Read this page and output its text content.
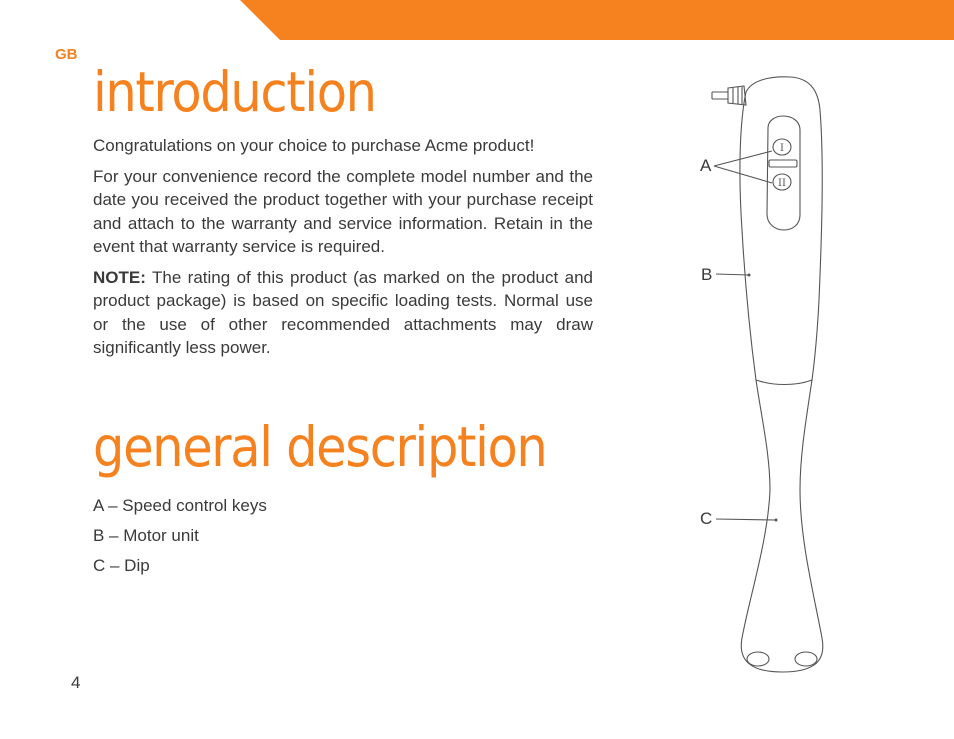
GB
introduction

Congratulations on your choice to purchase Acme product!

For your convenience record the complete model number and the date you received the product together with your purchase receipt and attach to the warranty and service information. Retain in the event that warranty service is required.

NOTE: The rating of this product (as marked on the product and product package) is based on specific loading tests. Normal use or the use of other recommended attachments may draw significantly less power.

general description
A – Speed control keys
B – Motor unit
C – Dip
4
I
II
A
B
C
